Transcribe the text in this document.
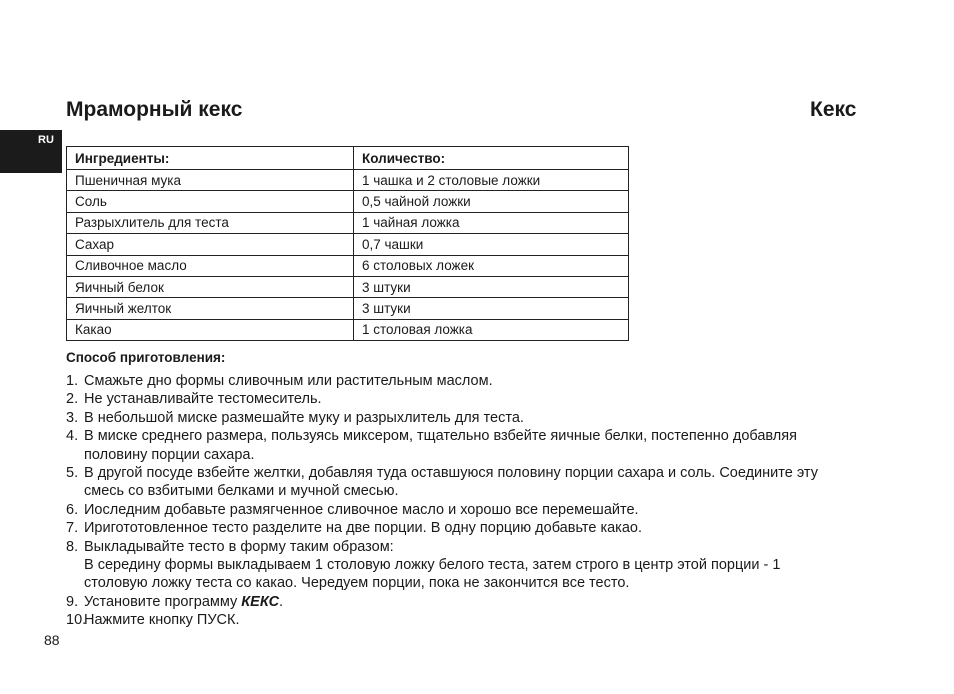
RU
Мраморный кекс	Кекс
Ингредиенты:	Количество:
Пшеничная мука	1 чашка и 2 столовые ложки
Соль	0,5 чайной ложки
Разрыхлитель для теста	1 чайная ложка
Сахар	0,7 чашки
Сливочное масло	6 столовых ложек
Яичный белок	3 штуки
Яичный желток	3 штуки
Какао	1 столовая ложка
Способ приготовления:
1. Смажьте дно формы сливочным или растительным маслом.
2. Не устанавливайте тестомеситель.
3. В небольшой миске размешайте муку и разрыхлитель для теста.
4. В миске среднего размера, пользуясь миксером, тщательно взбейте яичные белки, постепенно добавляя
половину порции сахара.
5. В другой посуде взбейте желтки, добавляя туда оставшуюся половину порции сахара и соль. Соедините эту
смесь со взбитыми белками и мучной смесью.
6. Иоследним добавьте размягченное сливочное масло и хорошо все перемешайте.
7. Иригототовленное тесто разделите на две порции. В одну порцию добавьте какао.
8. Выкладывайте тесто в форму таким образом:
В середину формы выкладываем 1 столовую ложку белого теста, затем строго в центр этой порции - 1
столовую ложку теста со какао. Чередуем порции, пока не закончится все тесто.
9. Установите программу КЕКС.
10.
Нажмите кнопку ПУСК.
88
